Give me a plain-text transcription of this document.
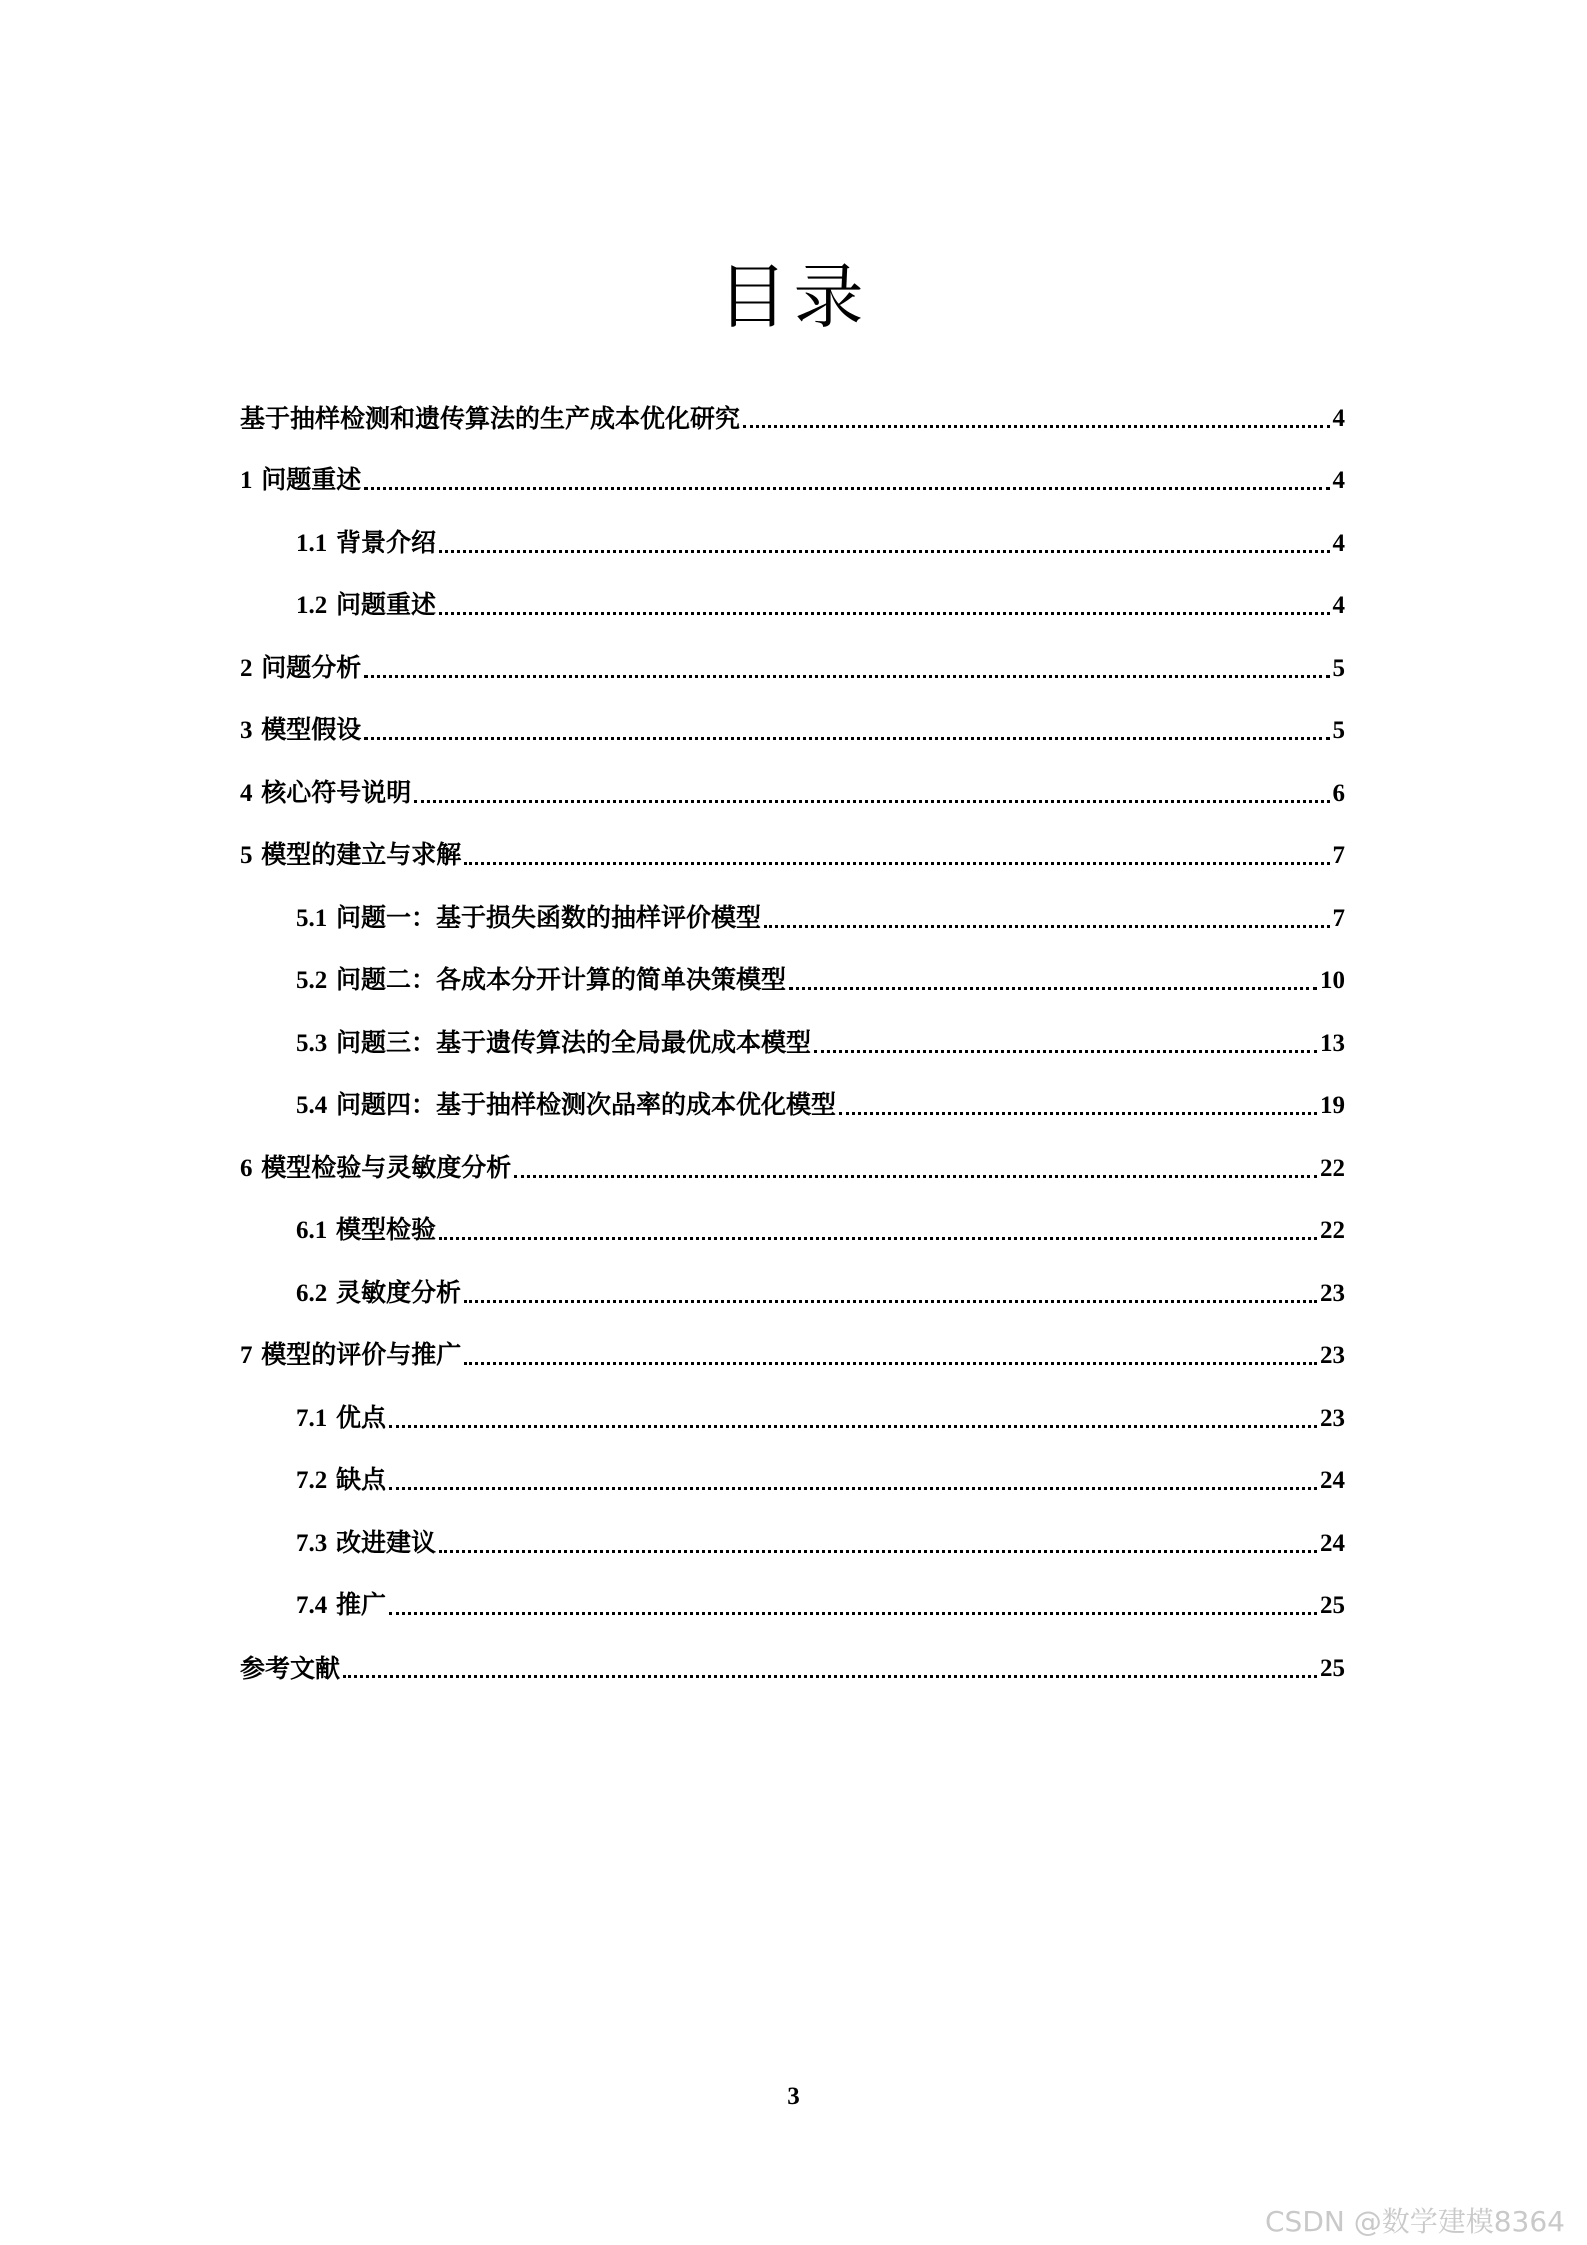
目录
基于抽样检测和遗传算法的生产成本优化研究	4
1 问题重述	4
1.1 背景介绍	4
1.2 问题重述	4
2 问题分析	5
3 模型假设	5
4 核心符号说明	6
5 模型的建立与求解	7
5.1 问题一：基于损失函数的抽样评价模型	7
5.2 问题二：各成本分开计算的简单决策模型	10
5.3 问题三：基于遗传算法的全局最优成本模型	13
5.4 问题四：基于抽样检测次品率的成本优化模型	19
6 模型检验与灵敏度分析	22
6.1 模型检验	22
6.2 灵敏度分析	23
7 模型的评价与推广	23
7.1 优点	23
7.2 缺点	24
7.3 改进建议	24
7.4 推广	25
参考文献	25
3
CSDN @数学建模8364
